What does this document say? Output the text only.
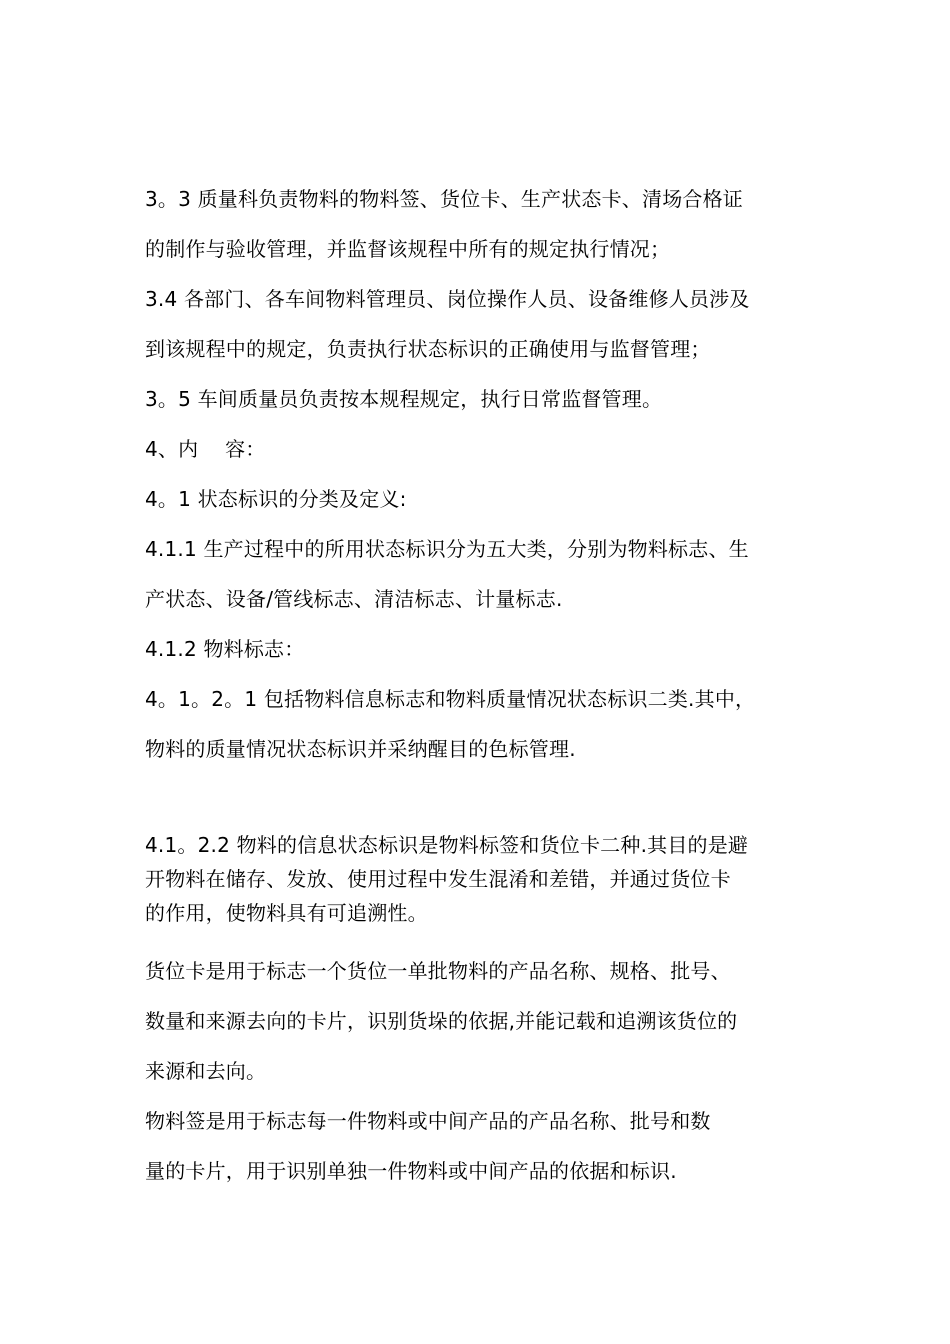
3。3 质量科负责物料的物料签、货位卡、生产状态卡、清场合格证
的制作与验收管理，并监督该规程中所有的规定执行情况；
3.4 各部门、各车间物料管理员、岗位操作人员、设备维修人员涉及
到该规程中的规定，负责执行状态标识的正确使用与监督管理；
3。5 车间质量员负责按本规程规定，执行日常监督管理。
4、内　 容：
4。1 状态标识的分类及定义:
4.1.1 生产过程中的所用状态标识分为五大类，分别为物料标志、生
产状态、设备/管线标志、清洁标志、计量标志.
4.1.2 物料标志：
4。1。2。1 包括物料信息标志和物料质量情况状态标识二类.其中，
物料的质量情况状态标识并采纳醒目的色标管理.
4.1。2.2 物料的信息状态标识是物料标签和货位卡二种.其目的是避
开物料在储存、发放、使用过程中发生混淆和差错，并通过货位卡
的作用，使物料具有可追溯性。
货位卡是用于标志一个货位一单批物料的产品名称、规格、批号、
数量和来源去向的卡片，识别货垛的依据,并能记载和追溯该货位的
来源和去向。
物料签是用于标志每一件物料或中间产品的产品名称、批号和数
量的卡片，用于识别单独一件物料或中间产品的依据和标识.
